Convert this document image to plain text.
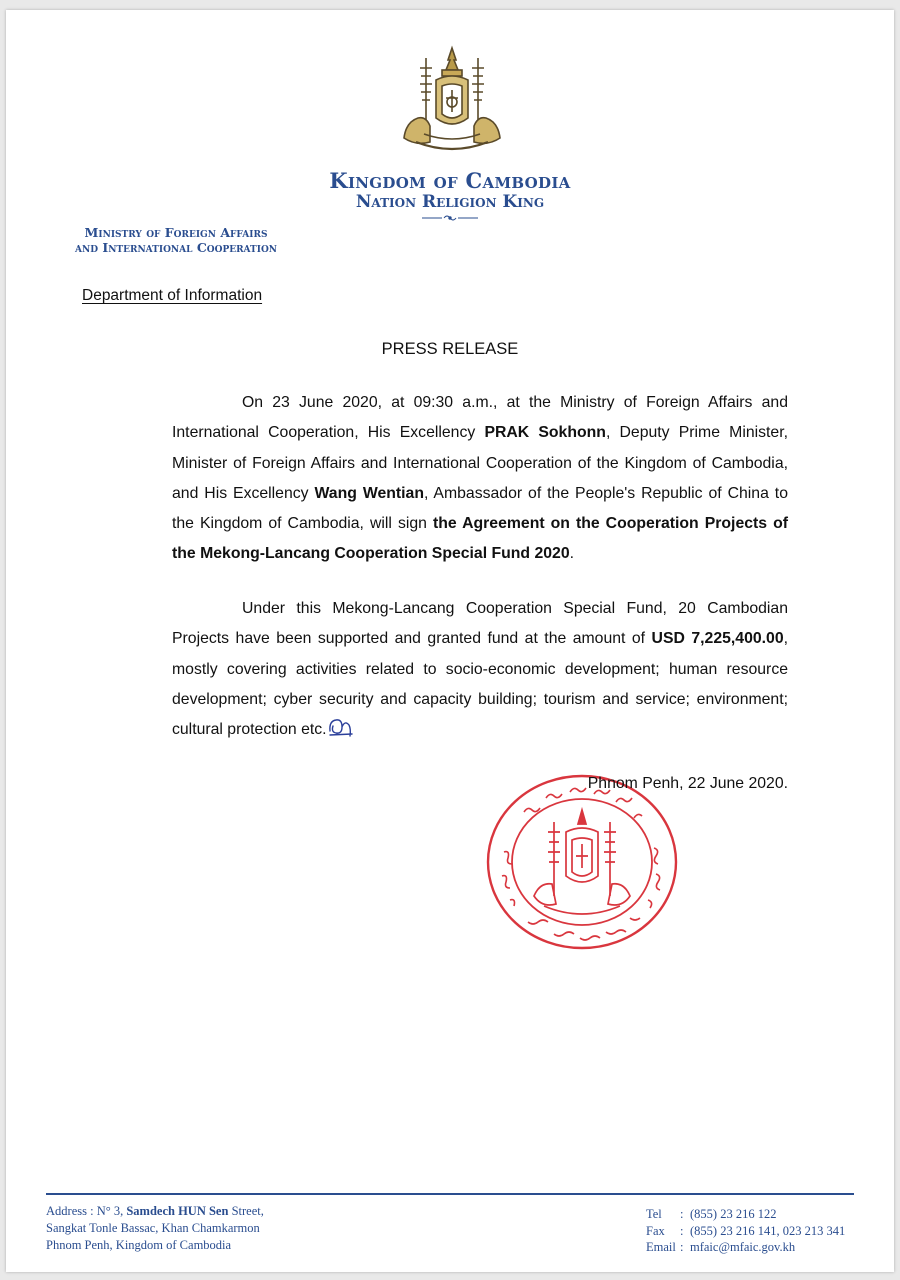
Kingdom of Cambodia
Nation Religion King
Ministry of Foreign Affairs
and International Cooperation
Department of Information
PRESS RELEASE
On 23 June 2020, at 09:30 a.m., at the Ministry of Foreign Affairs and International Cooperation, His Excellency PRAK Sokhonn, Deputy Prime Minister, Minister of Foreign Affairs and International Cooperation of the Kingdom of Cambodia, and His Excellency Wang Wentian, Ambassador of the People's Republic of China to the Kingdom of Cambodia, will sign the Agreement on the Cooperation Projects of the Mekong-Lancang Cooperation Special Fund 2020.
Under this Mekong-Lancang Cooperation Special Fund, 20 Cambodian Projects have been supported and granted fund at the amount of USD 7,225,400.00, mostly covering activities related to socio-economic development; human resource development; cyber security and capacity building; tourism and service; environment; cultural protection etc.
Phnom Penh, 22 June 2020.
Address : N° 3, Samdech HUN Sen Street,
Sangkat Tonle Bassac, Khan Chamkarmon
Phnom Penh, Kingdom of Cambodia
Tel	: (855) 23 216 122
Fax	: (855) 23 216 141, 023 213 341
Email : mfaic@mfaic.gov.kh
